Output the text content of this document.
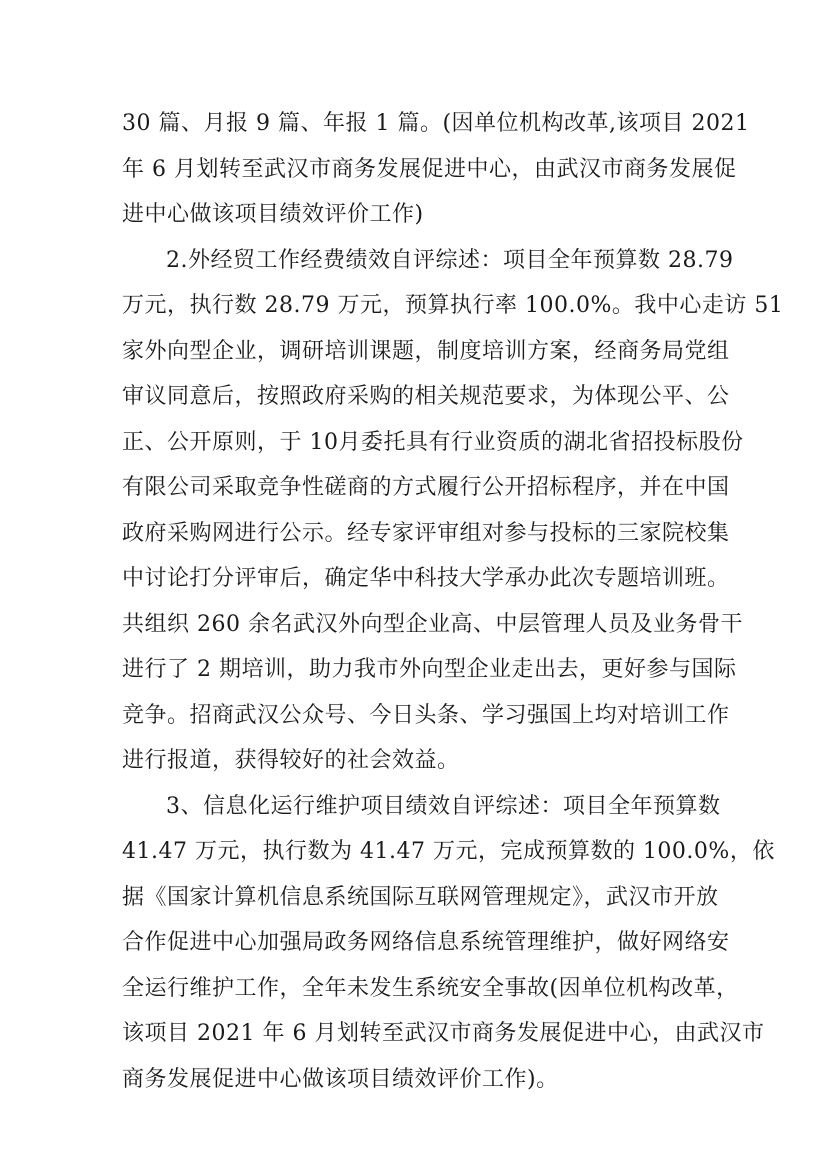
30 篇、月报 9 篇、年报 1 篇。(因单位机构改革,该项目 2021
年 6 月划转至武汉市商务发展促进中心，由武汉市商务发展促
进中心做该项目绩效评价工作)
2.外经贸工作经费绩效自评综述：项目全年预算数 28.79
万元，执行数 28.79 万元，预算执行率 100.0%。我中心走访 51
家外向型企业，调研培训课题，制度培训方案，经商务局党组
审议同意后，按照政府采购的相关规范要求，为体现公平、公
正、公开原则，于 10月委托具有行业资质的湖北省招投标股份
有限公司采取竞争性磋商的方式履行公开招标程序，并在中国
政府采购网进行公示。经专家评审组对参与投标的三家院校集
中讨论打分评审后，确定华中科技大学承办此次专题培训班。
共组织 260 余名武汉外向型企业高、中层管理人员及业务骨干
进行了 2 期培训，助力我市外向型企业走出去，更好参与国际
竞争。招商武汉公众号、今日头条、学习强国上均对培训工作
进行报道，获得较好的社会效益。
3、信息化运行维护项目绩效自评综述：项目全年预算数
41.47 万元，执行数为 41.47 万元，完成预算数的 100.0%，依
据《国家计算机信息系统国际互联网管理规定》，武汉市开放
合作促进中心加强局政务网络信息系统管理维护，做好网络安
全运行维护工作，全年未发生系统安全事故(因单位机构改革，
该项目 2021 年 6 月划转至武汉市商务发展促进中心，由武汉市
商务发展促进中心做该项目绩效评价工作)。
